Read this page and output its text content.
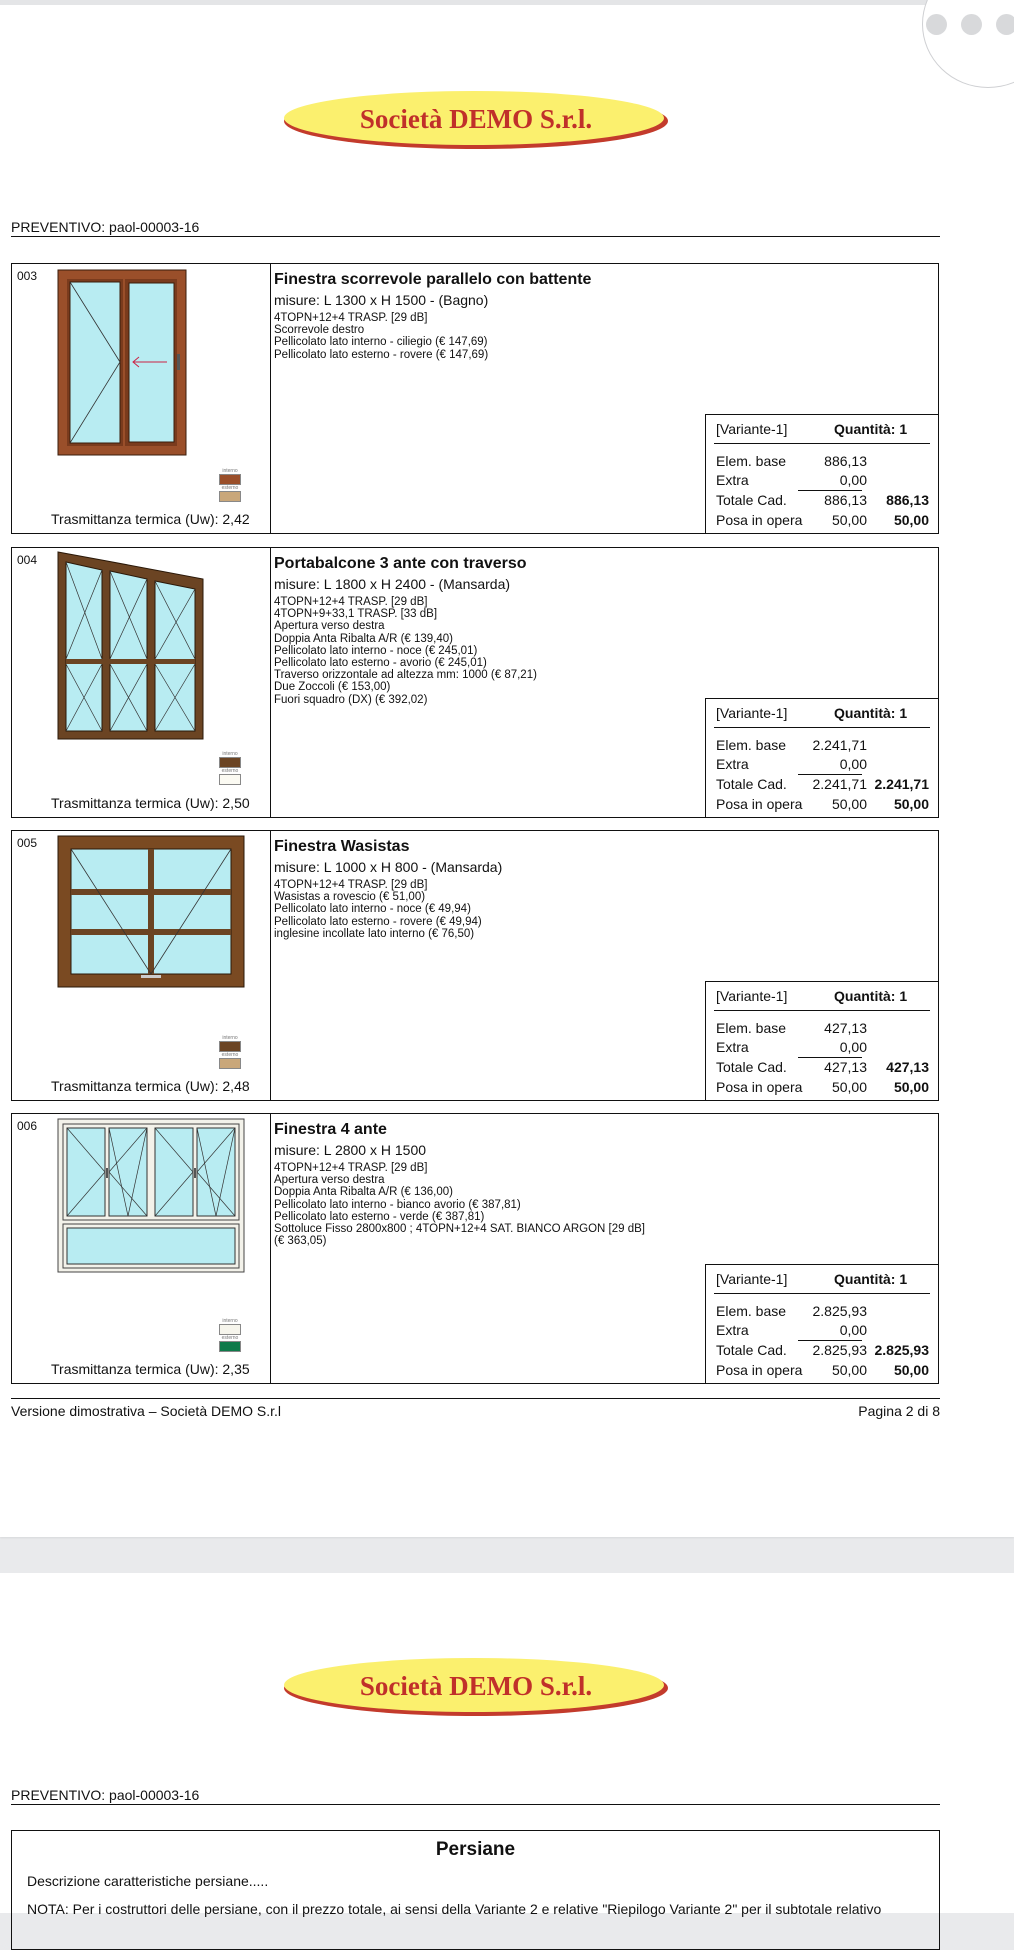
Società DEMO S.r.l.
PREVENTIVO: paol-00003-16
003
interno
esterno
Trasmittanza termica (Uw): 2,42
Finestra scorrevole parallelo con battente
misure: L 1300 x H 1500 - (Bagno)
4TOPN+12+4 TRASP. [29 dB]
Scorrevole destro
Pellicolato lato interno - ciliegio (€ 147,69)
Pellicolato lato esterno - rovere (€ 147,69)
[Variante-1]	Quantità: 1
Elem. base	886,13
Extra	0,00
Totale Cad.	886,13	886,13
Posa in opera	50,00	50,00
004
interno
esterno
Trasmittanza termica (Uw): 2,50
Portabalcone 3 ante con traverso
misure: L 1800 x H 2400 - (Mansarda)
4TOPN+12+4 TRASP. [29 dB]
4TOPN+9+33,1 TRASP. [33 dB]
Apertura verso destra
Doppia Anta Ribalta A/R (€ 139,40)
Pellicolato lato interno - noce (€ 245,01)
Pellicolato lato esterno - avorio (€ 245,01)
Traverso orizzontale ad altezza mm: 1000 (€ 87,21)
Due Zoccoli (€ 153,00)
Fuori squadro (DX) (€ 392,02)
[Variante-1]	Quantità: 1
Elem. base	2.241,71
Extra	0,00
Totale Cad.	2.241,71 2.241,71
Posa in opera	50,00	50,00
005
interno
esterno
Trasmittanza termica (Uw): 2,48
Finestra Wasistas
misure: L 1000 x H 800 - (Mansarda)
4TOPN+12+4 TRASP. [29 dB]
Wasistas a rovescio (€ 51,00)
Pellicolato lato interno - noce (€ 49,94)
Pellicolato lato esterno - rovere (€ 49,94)
inglesine incollate lato interno (€ 76,50)
[Variante-1]	Quantità: 1
Elem. base	427,13
Extra	0,00
Totale Cad.	427,13	427,13
Posa in opera	50,00	50,00
006
interno
esterno
Trasmittanza termica (Uw): 2,35
Finestra 4 ante
misure: L 2800 x H 1500
4TOPN+12+4 TRASP. [29 dB]
Apertura verso destra
Doppia Anta Ribalta A/R (€ 136,00)
Pellicolato lato interno - bianco avorio (€ 387,81)
Pellicolato lato esterno - verde (€ 387,81)
Sottoluce Fisso 2800x800 ; 4TOPN+12+4 SAT. BIANCO ARGON [29 dB]
(€ 363,05)
[Variante-1]	Quantità: 1
Elem. base	2.825,93
Extra	0,00
Totale Cad.	2.825,93 2.825,93
Posa in opera	50,00	50,00
Versione dimostrativa – Società DEMO S.r.l	Pagina 2 di 8
Società DEMO S.r.l.
PREVENTIVO: paol-00003-16
Persiane
Descrizione caratteristiche persiane.....
NOTA: Per i costruttori delle persiane, con il prezzo totale, ai sensi della Variante 2 e relative "Riepilogo Variante 2" per il subtotale relativo
